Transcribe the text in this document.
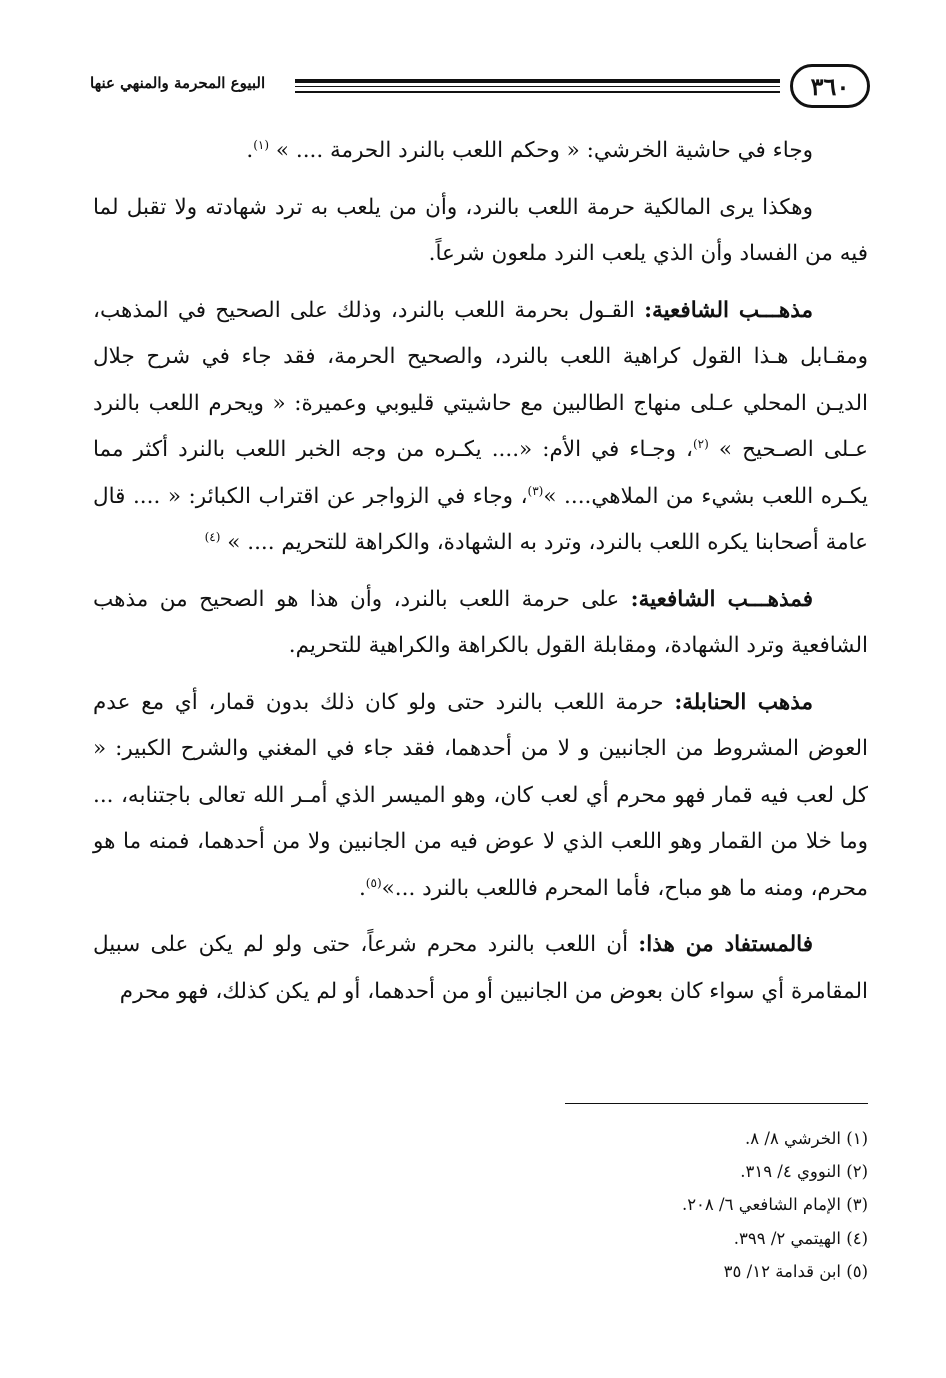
٣٦٠
البيوع المحرمة والمنهي عنها

وجاء في حاشية الخرشي: « وحكم اللعب بالنرد الحرمة .... » $^{(١)}$.

وهكذا يرى المالكية حرمة اللعب بالنرد، وأن من يلعب به ترد شهادته ولا تقبل لما فيه من الفساد وأن الذي يلعب النرد ملعون شرعاً.

مذهـــب الشافعية: القـول بحرمة اللعب بالنرد، وذلك على الصحيح في المذهب، ومقـابل هـذا القول كراهية اللعب بالنرد، والصحيح الحرمة، فقد جاء في شرح جلال الديـن المحلي عـلى منهاج الطالبين مع حاشيتي قليوبي وعميرة: « ويحرم اللعب بالنرد عـلى الصـحيح » $^{(٢)}$، وجـاء في الأم: «.... يكـره من وجه الخبر اللعب بالنرد أكثر مما يكـره اللعب بشيء من الملاهي.... »$^{(٣)}$، وجاء في الزواجر عن اقتراب الكبائر: « .... قال عامة أصحابنا يكره اللعب بالنرد، وترد به الشهادة، والكراهة للتحريم .... » $^{(٤)}$

فمذهـــب الشافعية: على حرمة اللعب بالنرد، وأن هذا هو الصحيح من مذهب الشافعية وترد الشهادة، ومقابلة القول بالكراهة والكراهية للتحريم.

مذهب الحنابلة: حرمة اللعب بالنرد حتى ولو كان ذلك بدون قمار، أي مع عدم العوض المشروط من الجانبين و لا من أحدهما، فقد جاء في المغني والشرح الكبير: « كل لعب فيه قمار فهو محرم أي لعب كان، وهو الميسر الذي أمـر الله تعالى باجتنابه، ... وما خلا من القمار وهو اللعب الذي لا عوض فيه من الجانبين ولا من أحدهما، فمنه ما هو محرم، ومنه ما هو مباح، فأما المحرم فاللعب بالنرد ...»$^{(٥)}$.

فالمستفاد من هذا: أن اللعب بالنرد محرم شرعاً، حتى ولو لم يكن على سبيل المقامرة أي سواء كان بعوض من الجانبين أو من أحدهما، أو لم يكن كذلك، فهو محرم

(١) الخرشي ٨/ ٨.

(٢) النووي ٤/ ٣١٩.

(٣) الإمام الشافعي ٦/ ٢٠٨.

(٤) الهيتمي ٢/ ٣٩٩.

(٥) ابن قدامة ١٢/ ٣٥
